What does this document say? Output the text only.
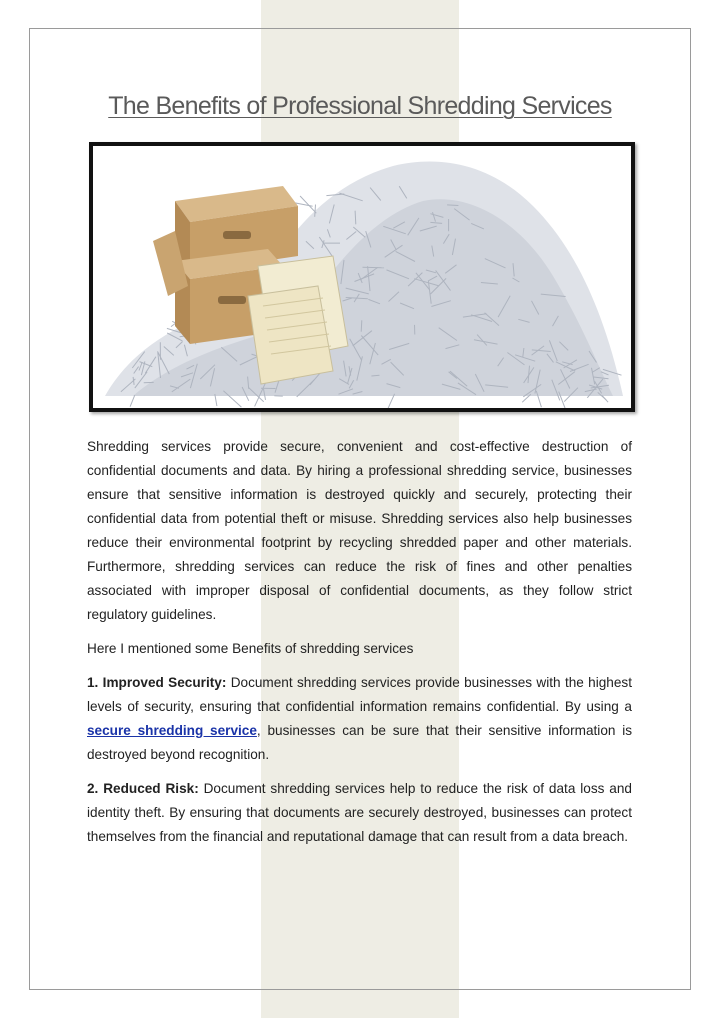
The Benefits of Professional Shredding Services

Shredding services provide secure, convenient and cost-effective destruction of confidential documents and data. By hiring a professional shredding service, businesses ensure that sensitive information is destroyed quickly and securely, protecting their confidential data from potential theft or misuse. Shredding services also help businesses reduce their environmental footprint by recycling shredded paper and other materials. Furthermore, shredding services can reduce the risk of fines and other penalties associated with improper disposal of confidential documents, as they follow strict regulatory guidelines.

Here I mentioned some Benefits of shredding services

1. Improved Security: Document shredding services provide businesses with the highest levels of security, ensuring that confidential information remains confidential. By using a secure shredding service, businesses can be sure that their sensitive information is destroyed beyond recognition.

2. Reduced Risk: Document shredding services help to reduce the risk of data loss and identity theft. By ensuring that documents are securely destroyed, businesses can protect themselves from the financial and reputational damage that can result from a data breach.
